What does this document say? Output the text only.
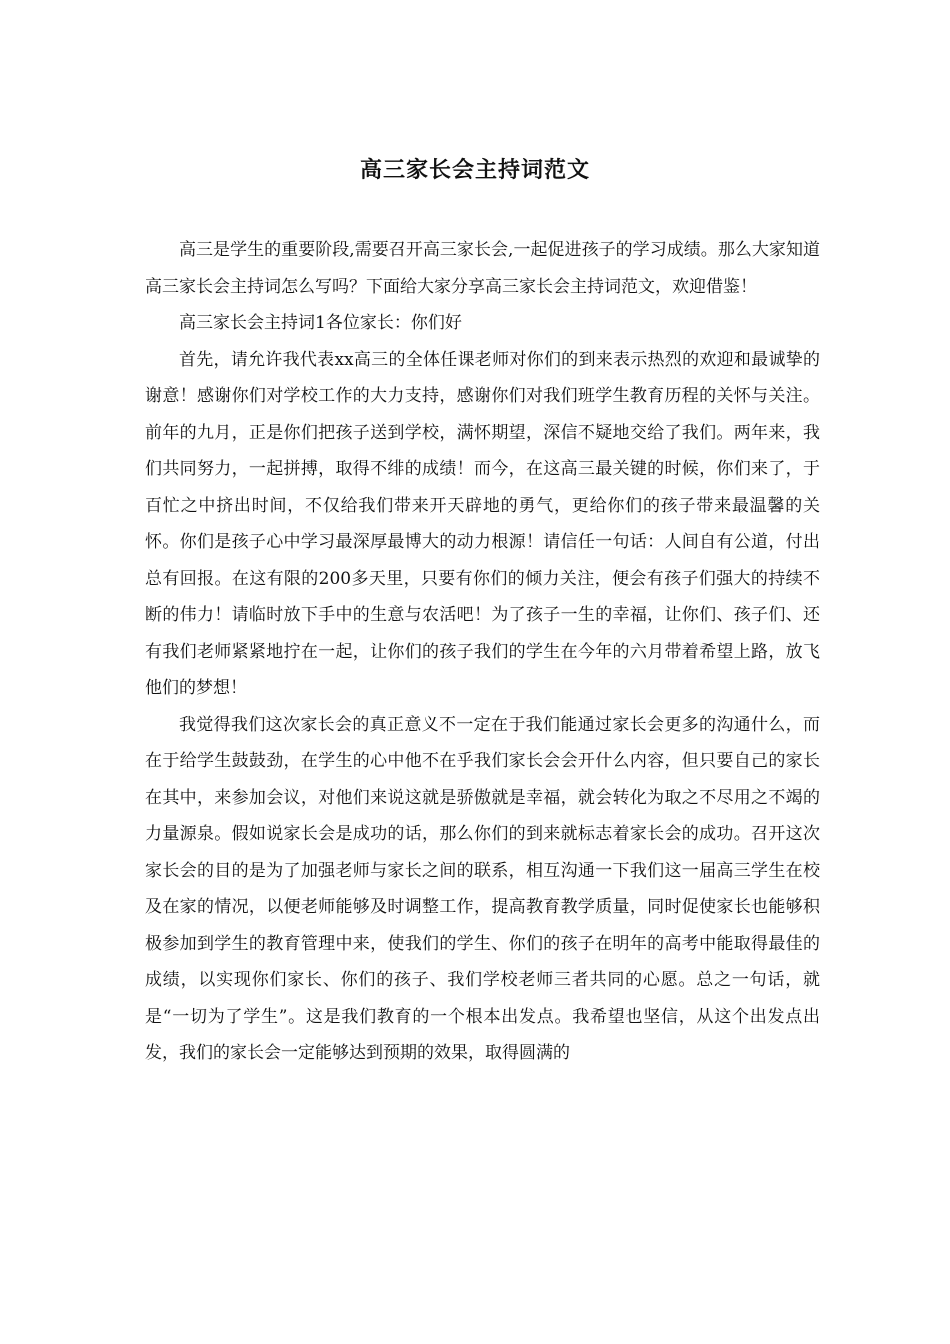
高三家长会主持词范文

高三是学生的重要阶段,需要召开高三家长会,一起促进孩子的学习成绩。那么大家知道高三家长会主持词怎么写吗？下面给大家分享高三家长会主持词范文，欢迎借鉴！

高三家长会主持词1各位家长：你们好

首先，请允许我代表xx高三的全体任课老师对你们的到来表示热烈的欢迎和最诚挚的谢意！感谢你们对学校工作的大力支持，感谢你们对我们班学生教育历程的关怀与关注。前年的九月，正是你们把孩子送到学校，满怀期望，深信不疑地交给了我们。两年来，我们共同努力，一起拼搏，取得不绯的成绩！而今，在这高三最关键的时候，你们来了，于百忙之中挤出时间，不仅给我们带来开天辟地的勇气，更给你们的孩子带来最温馨的关怀。你们是孩子心中学习最深厚最博大的动力根源！请信任一句话：人间自有公道，付出总有回报。在这有限的200多天里，只要有你们的倾力关注，便会有孩子们强大的持续不断的伟力！请临时放下手中的生意与农活吧！为了孩子一生的幸福，让你们、孩子们、还有我们老师紧紧地拧在一起，让你们的孩子我们的学生在今年的六月带着希望上路，放飞他们的梦想！

我觉得我们这次家长会的真正意义不一定在于我们能通过家长会更多的沟通什么，而在于给学生鼓鼓劲，在学生的心中他不在乎我们家长会会开什么内容，但只要自己的家长在其中，来参加会议，对他们来说这就是骄傲就是幸福，就会转化为取之不尽用之不竭的力量源泉。假如说家长会是成功的话，那么你们的到来就标志着家长会的成功。召开这次家长会的目的是为了加强老师与家长之间的联系，相互沟通一下我们这一届高三学生在校及在家的情况，以便老师能够及时调整工作，提高教育教学质量，同时促使家长也能够积极参加到学生的教育管理中来，使我们的学生、你们的孩子在明年的高考中能取得最佳的成绩，以实现你们家长、你们的孩子、我们学校老师三者共同的心愿。总之一句话，就是“一切为了学生”。这是我们教育的一个根本出发点。我希望也坚信，从这个出发点出发，我们的家长会一定能够达到预期的效果，取得圆满的
